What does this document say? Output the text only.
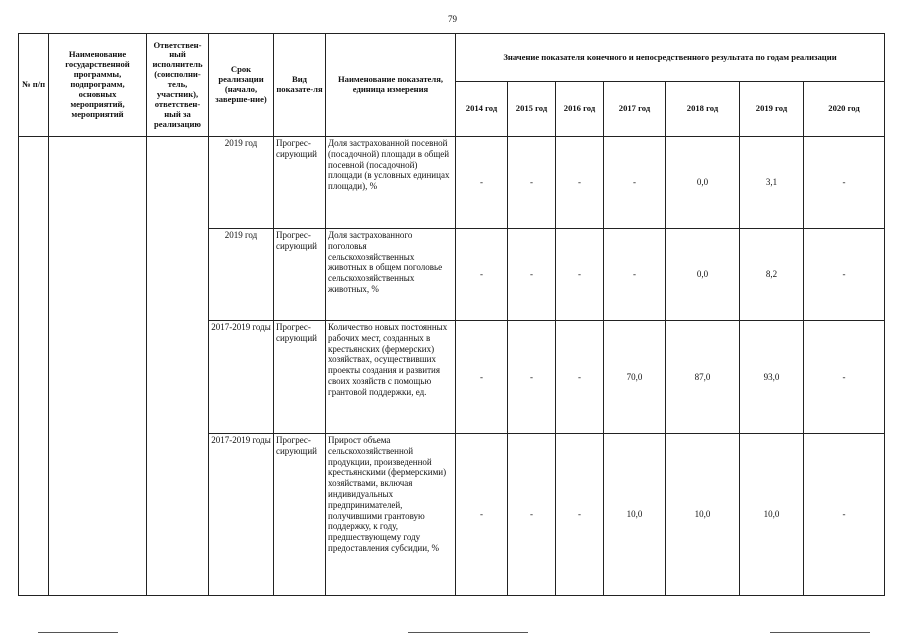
79
№ п/п	Наименование государственной программы, подпрограмм, основных мероприятий, мероприятий	Ответствен-ный исполнитель (соисполни-тель, участник), ответствен-ный за реализацию	Срок реализации (начало, заверше-ние)	Вид показате-ля	Наименование показателя, единица измерения	Значение показателя конечного и непосредственного результата по годам реализации						
						2014 год	2015 год	2016 год	2017 год	2018 год	2019 год	2020 год
			2019 год	Прогрес-сирующий	Доля застрахованной посевной (посадочной) площади в общей посевной (посадочной) площади (в условных единицах площади), %	-	-	-	-	0,0	3,1	-
			2019 год	Прогрес-сирующий	Доля застрахованного поголовья сельскохозяйственных животных в общем поголовье сельскохозяйственных животных, %	-	-	-	-	0,0	8,2	-
			2017-2019 годы	Прогрес-сирующий	Количество новых постоянных рабочих мест, созданных в крестьянских (фермерских) хозяйствах, осуществивших проекты создания и развития своих хозяйств с помощью грантовой поддержки, ед.	-	-	-	70,0	87,0	93,0	-
			2017-2019 годы	Прогрес-сирующий	Прирост объема сельскохозяйственной продукции, произведенной крестьянскими (фермерскими) хозяйствами, включая индивидуальных предпринимателей, получившими грантовую поддержку, к году, предшествующему году предоставления субсидии, %	-	-	-	10,0	10,0	10,0	-
